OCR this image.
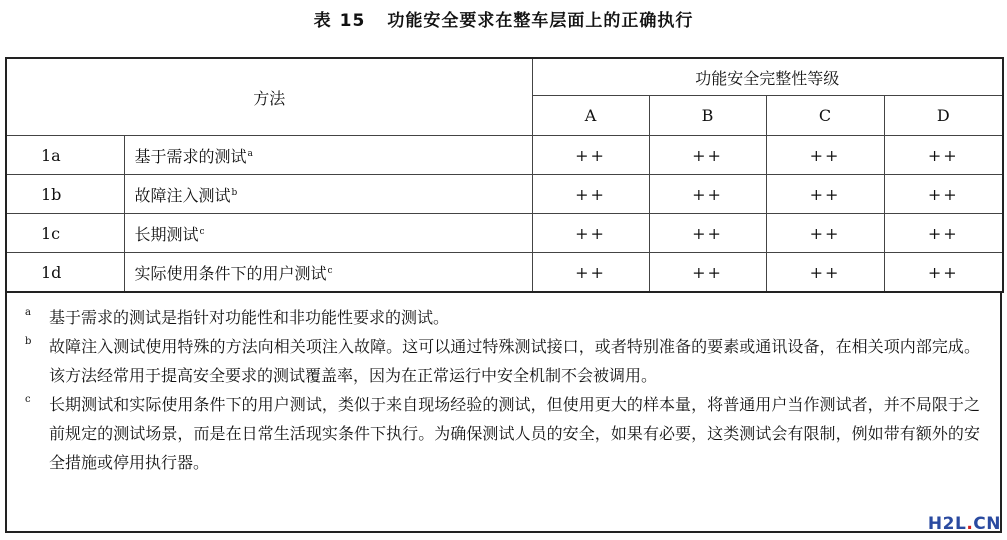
表 15 功能安全要求在整车层面上的正确执行
方法		功能安全完整性等级			
		A	B	C	D
1a	基于需求的测试$^a$	++	++	++	++
1b	故障注入测试$^b$	++	++	++	++
1c	长期测试$^c$	++	++	++	++
1d	实际使用条件下的用户测试$^c$	++	++	++	++
a	基于需求的测试是指针对功能性和非功能性要求的测试。
b	故障注入测试使用特殊的方法向相关项注入故障。这可以通过特殊测试接口，或者特别准备的要素或通讯设备，在相关项内部完成。该方法经常用于提高安全要求的测试覆盖率，因为在正常运行中安全机制不会被调用。
c	长期测试和实际使用条件下的用户测试，类似于来自现场经验的测试，但使用更大的样本量，将普通用户当作测试者，并不局限于之前规定的测试场景，而是在日常生活现实条件下执行。为确保测试人员的安全，如果有必要，这类测试会有限制，例如带有额外的安全措施或停用执行器。
H2L.CN
